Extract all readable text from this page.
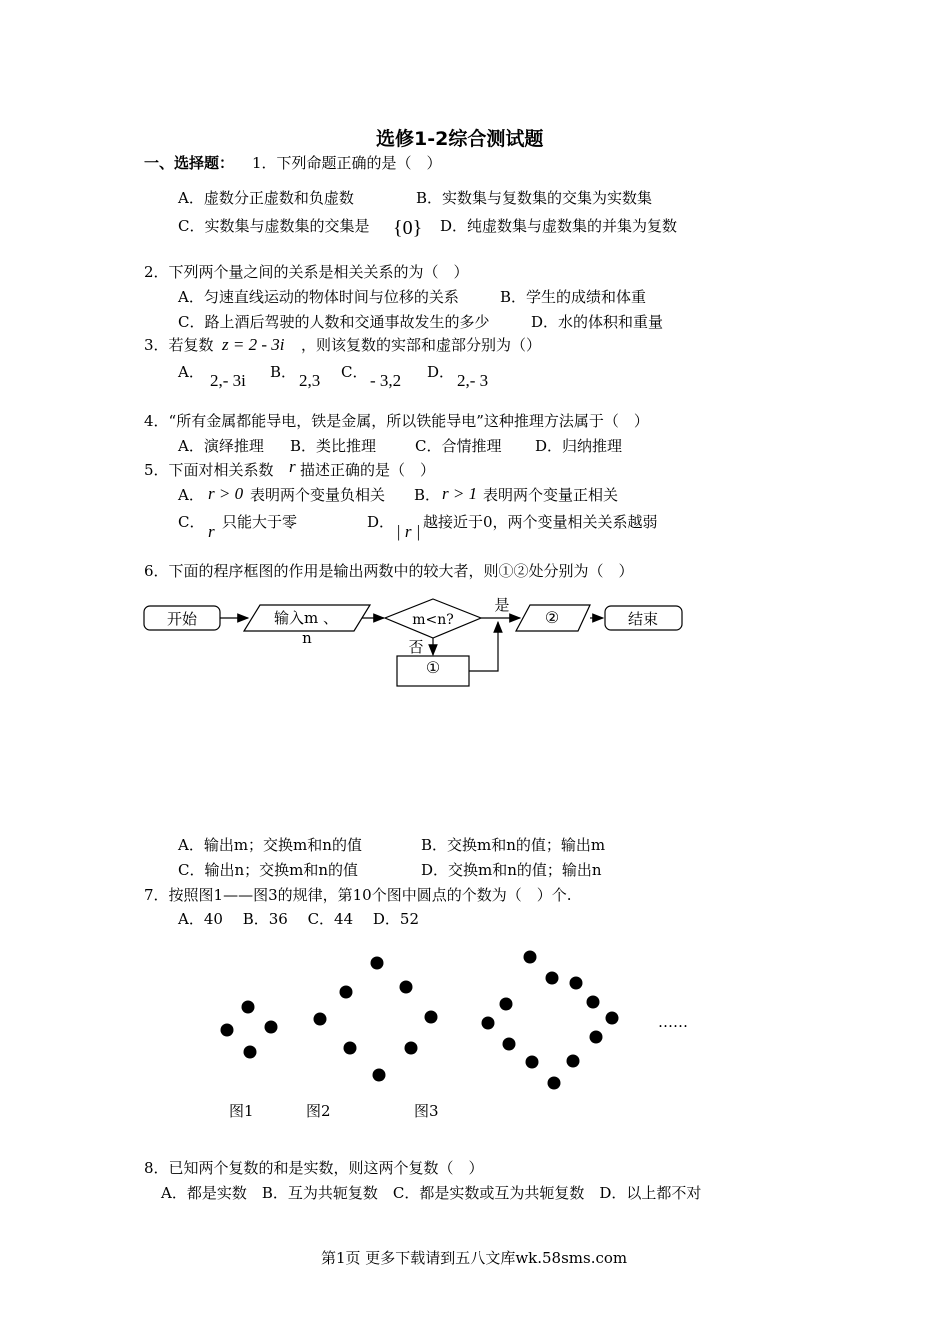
选修1-2综合测试题
一、选择题： 1．下列命题正确的是（　）
A．虚数分正虚数和负虚数	B．实数集与复数集的交集为实数集
C．实数集与虚数集的交集是 {0} D．纯虚数集与虚数集的并集为复数
2．下列两个量之间的关系是相关关系的为（　）
A．匀速直线运动的物体时间与位移的关系	B．学生的成绩和体重
C．路上酒后驾驶的人数和交通事故发生的多少	D．水的体积和重量
3．若复数 z = 2 - 3i ，则该复数的实部和虚部分别为（）
A． 2,- 3i B． 2,3 C． - 3,2 D． 2,- 3
4．“所有金属都能导电，铁是金属，所以铁能导电”这种推理方法属于（　）
A．演绎推理 B．类比推理	C．合情推理 D．归纳推理
5．下面对相关系数 r 描述正确的是（　）
A． r > 0 表明两个变量负相关 B． r > 1 表明两个变量正相关
C． r 只能大于零	D． | r | 越接近于0，两个变量相关关系越弱
6．下面的程序框图的作用是输出两数中的较大者，则①②处分别为（　）
开始	输入m 、
n
m<n?
是
②	结束
否
①
A．输出m；交换m和n的值	B．交换m和n的值；输出m
C．输出n；交换m和n的值	D．交换m和n的值；输出n
7．按照图1——图3的规律，第10个图中圆点的个数为（　）个.
A．40　 B．36　 C．44　 D．52
……
图1	图2	图3
8．已知两个复数的和是实数，则这两个复数（　）
A．都是实数　B．互为共轭复数　C．都是实数或互为共轭复数　D．以上都不对
第1页 更多下载请到五八文库wk.58sms.com
